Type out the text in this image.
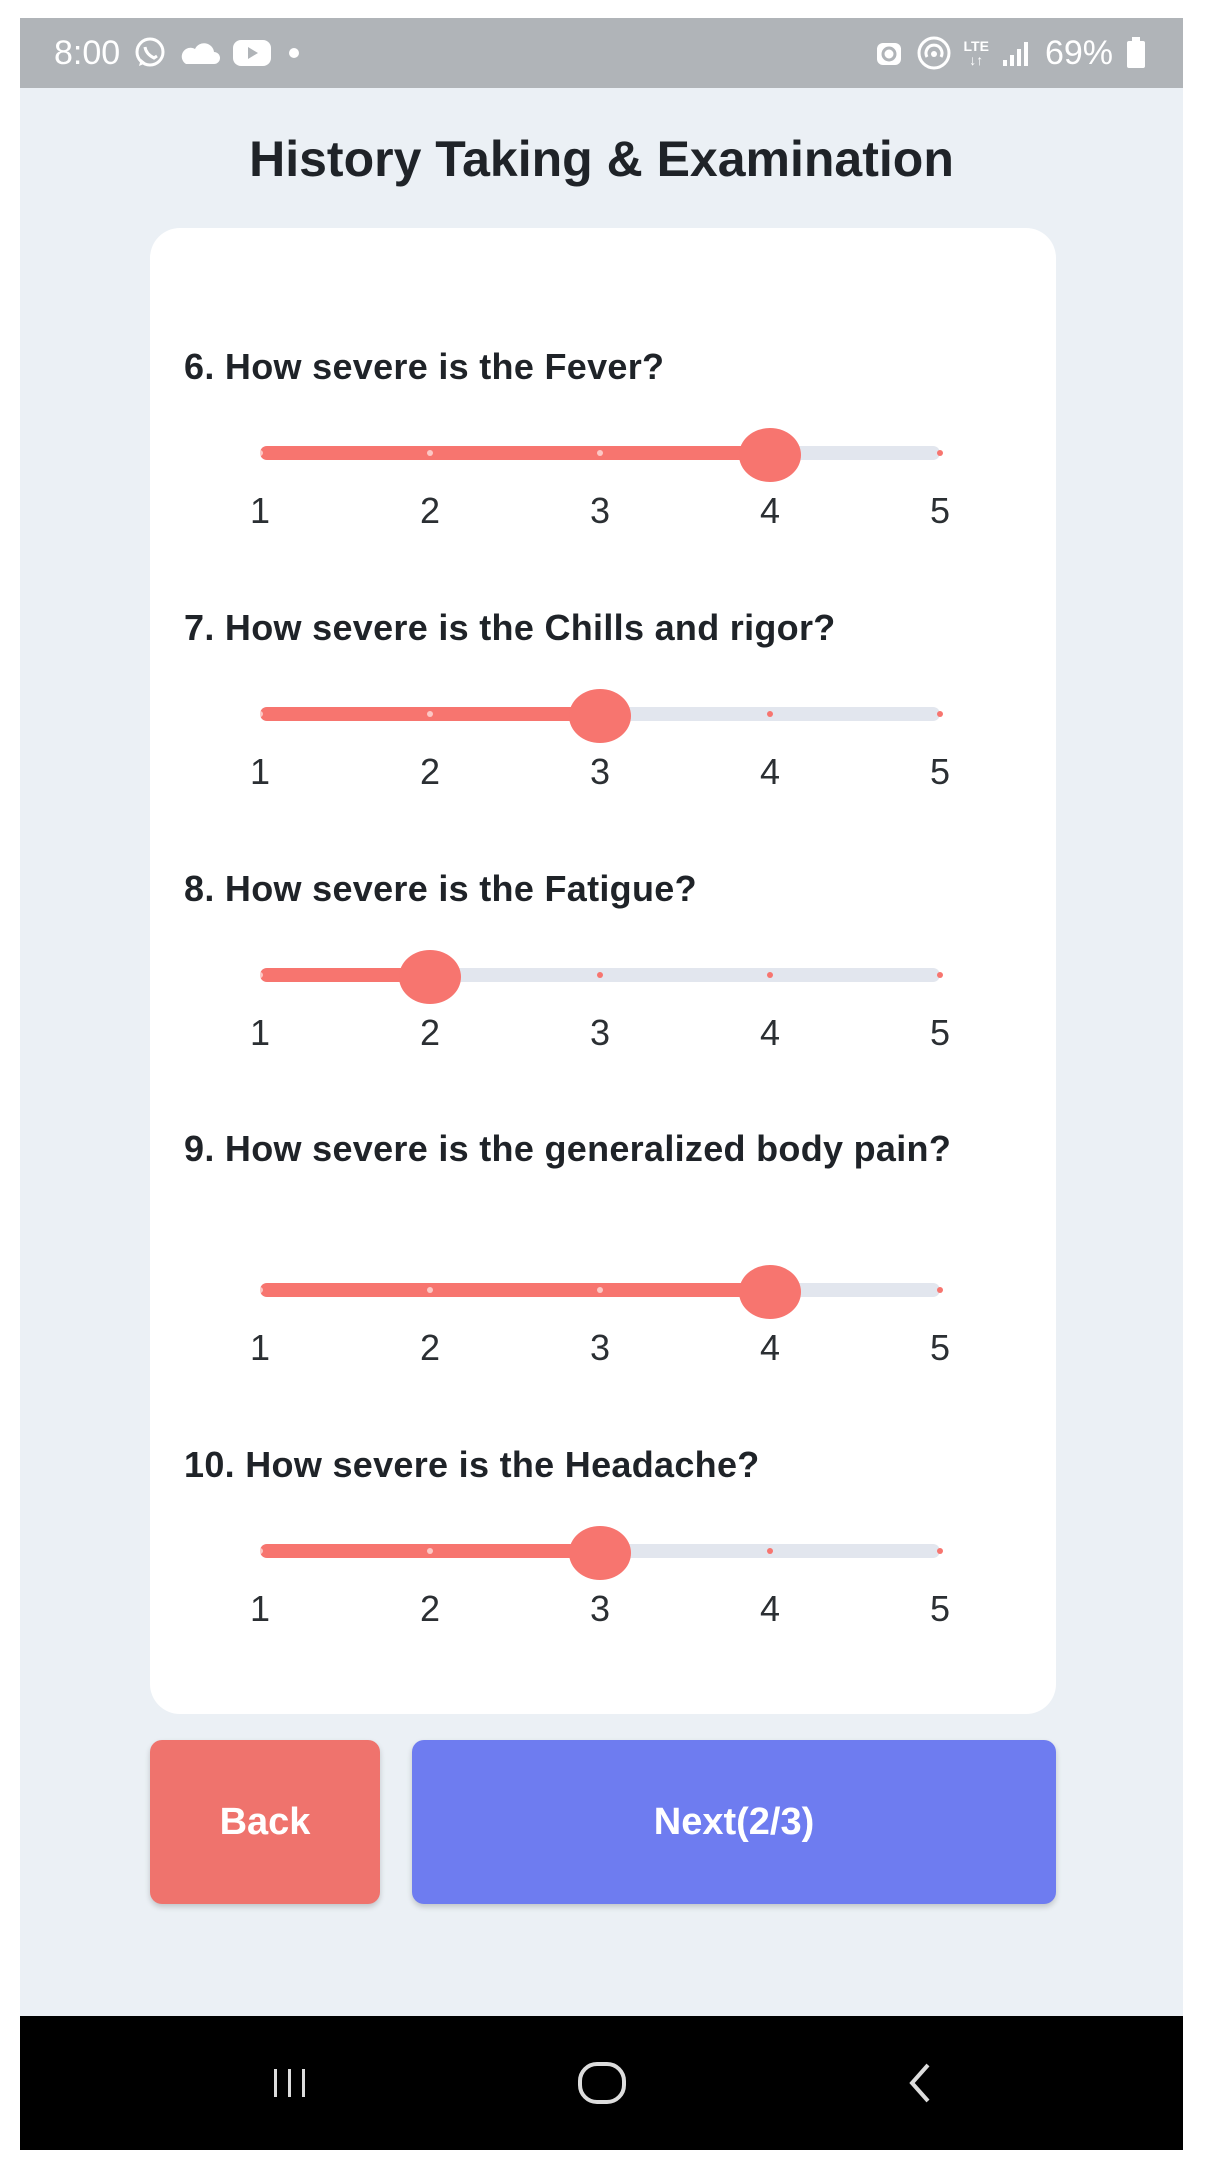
8:00	LTE
↓↑ 69%
History Taking & Examination
6. How severe is the Fever?
1	2	3	4	5
7. How severe is the Chills and rigor?
1	2	3	4	5
8. How severe is the Fatigue?
1	2	3	4	5
9. How severe is the generalized body pain?
1	2	3	4	5
10. How severe is the Headache?
1	2	3	4	5
Back	Next(2/3)
